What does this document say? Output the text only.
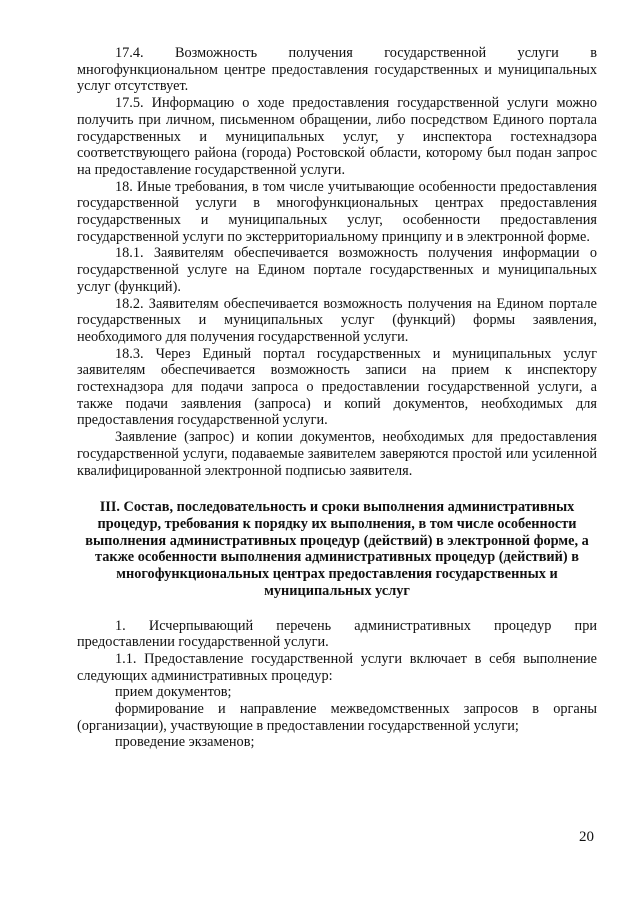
17.4. Возможность получения государственной услуги в многофункциональном центре предоставления государственных и муниципальных услуг отсутствует.

17.5. Информацию о ходе предоставления государственной услуги можно получить при личном, письменном обращении, либо посредством Единого портала государственных и муниципальных услуг, у инспектора гостехнадзора соответствующего района (города) Ростовской области, которому был подан запрос на предоставление государственной услуги.

18. Иные требования, в том числе учитывающие особенности предоставления государственной услуги в многофункциональных центрах предоставления государственных и муниципальных услуг, особенности предоставления государственной услуги по экстерриториальному принципу и в электронной форме.

18.1. Заявителям обеспечивается возможность получения информации о государственной услуге на Едином портале государственных и муниципальных услуг (функций).

18.2. Заявителям обеспечивается возможность получения на Едином портале государственных и муниципальных услуг (функций) формы заявления, необходимого для получения государственной услуги.

18.3. Через Единый портал государственных и муниципальных услуг заявителям обеспечивается возможность записи на прием к инспектору гостехнадзора для подачи запроса о предоставлении государственной услуги, а также подачи заявления (запроса) и копий документов, необходимых для предоставления государственной услуги.

Заявление (запрос) и копии документов, необходимых для предоставления государственной услуги, подаваемые заявителем заверяются простой или усиленной квалифицированной электронной подписью заявителя.

III. Состав, последовательность и сроки выполнения административных процедур, требования к порядку их выполнения, в том числе особенности выполнения административных процедур (действий) в электронной форме, а также особенности выполнения административных процедур (действий) в многофункциональных центрах предоставления государственных и муниципальных услуг

1. Исчерпывающий перечень административных процедур при предоставлении государственной услуги.

1.1. Предоставление государственной услуги включает в себя выполнение следующих административных процедур:

прием документов;

формирование и направление межведомственных запросов в органы (организации), участвующие в предоставлении государственной услуги;

проведение экзаменов;

20
